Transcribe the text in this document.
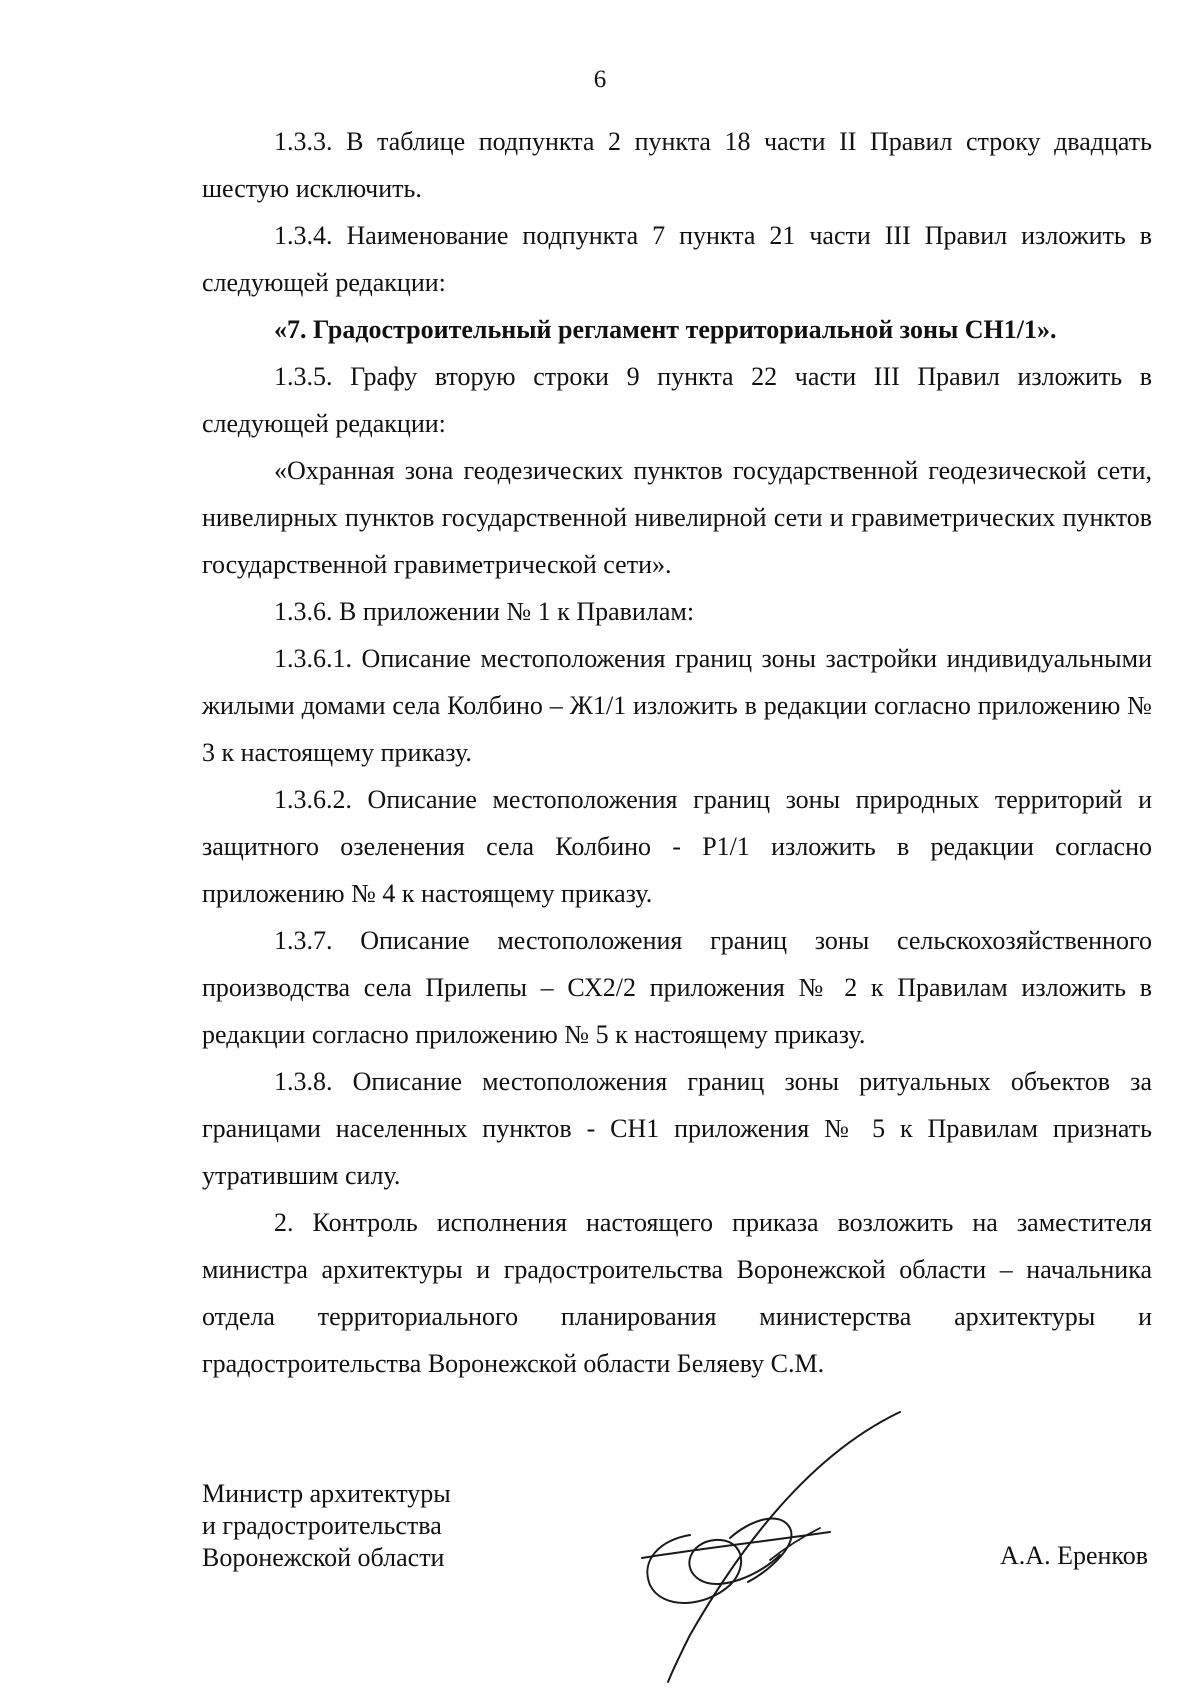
6

1.3.3. В таблице подпункта 2 пункта 18 части II Правил строку двадцать шестую исключить.

1.3.4. Наименование подпункта 7 пункта 21 части III Правил изложить в следующей редакции:

«7. Градостроительный регламент территориальной зоны СН1/1».

1.3.5. Графу вторую строки 9 пункта 22 части III Правил изложить в следующей редакции:

«Охранная зона геодезических пунктов государственной геодезической сети, нивелирных пунктов государственной нивелирной сети и гравиметрических пунктов государственной гравиметрической сети».

1.3.6. В приложении № 1 к Правилам:

1.3.6.1. Описание местоположения границ зоны застройки индивидуальными жилыми домами села Колбино – Ж1/1 изложить в редакции согласно приложению № 3 к настоящему приказу.

1.3.6.2. Описание местоположения границ зоны природных территорий и защитного озеленения села Колбино - Р1/1 изложить в редакции согласно приложению № 4 к настоящему приказу.

1.3.7. Описание местоположения границ зоны сельскохозяйственного производства села Прилепы – СХ2/2 приложения № 2 к Правилам изложить в редакции согласно приложению № 5 к настоящему приказу.

1.3.8. Описание местоположения границ зоны ритуальных объектов за границами населенных пунктов - СН1 приложения № 5 к Правилам признать утратившим силу.

2. Контроль исполнения настоящего приказа возложить на заместителя министра архитектуры и градостроительства Воронежской области – начальника отдела территориального планирования министерства архитектуры и градостроительства Воронежской области Беляеву С.М.

Министр архитектуры
и градостроительства
Воронежской области	А.А. Еренков
